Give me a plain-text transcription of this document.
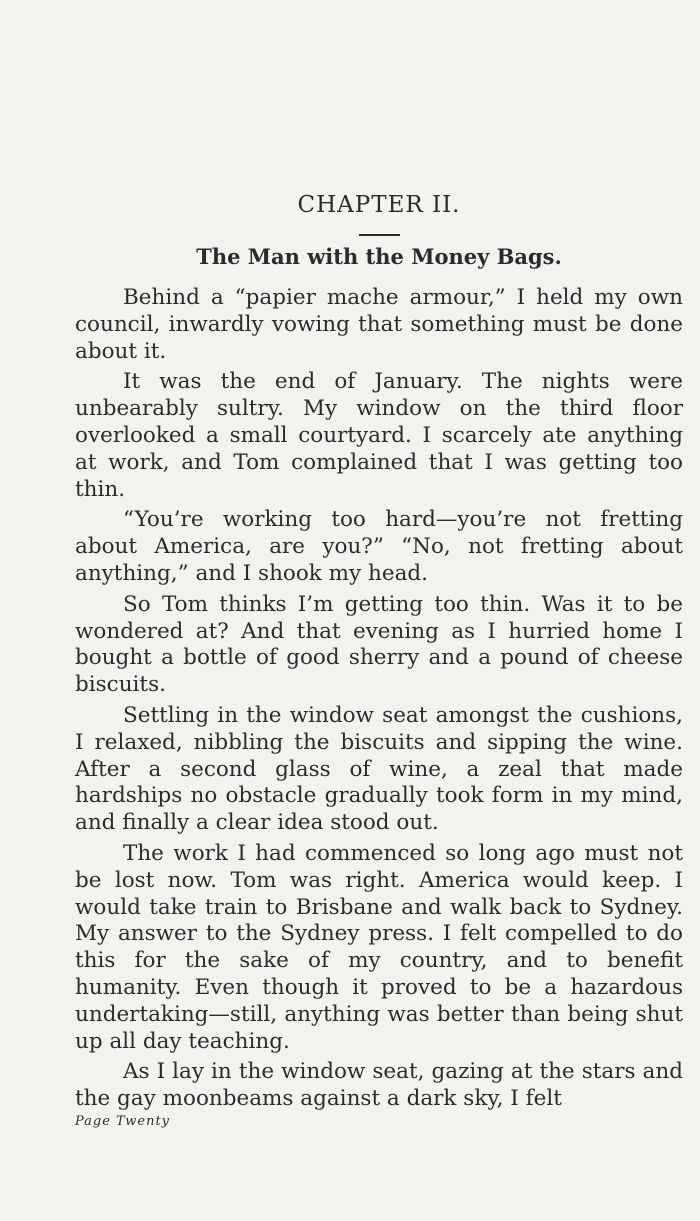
CHAPTER II.
The Man with the Money Bags.

Behind a “papier mache armour,” I held my own council, inwardly vowing that something must be done about it.

It was the end of January. The nights were unbearably sultry. My window on the third floor overlooked a small courtyard. I scarcely ate anything at work, and Tom complained that I was getting too thin.

“You’re working too hard—you’re not fretting about America, are you?” “No, not fretting about anything,” and I shook my head.

So Tom thinks I’m getting too thin. Was it to be wondered at? And that evening as I hurried home I bought a bottle of good sherry and a pound of cheese biscuits.

Settling in the window seat amongst the cushions, I relaxed, nibbling the biscuits and sipping the wine. After a second glass of wine, a zeal that made hardships no obstacle gradually took form in my mind, and finally a clear idea stood out.

The work I had commenced so long ago must not be lost now. Tom was right. America would keep. I would take train to Brisbane and walk back to Sydney. My answer to the Sydney press. I felt compelled to do this for the sake of my country, and to benefit humanity. Even though it proved to be a hazardous undertaking—still, anything was better than being shut up all day teaching.

As I lay in the window seat, gazing at the stars and the gay moonbeams against a dark sky, I felt

Page Twenty
